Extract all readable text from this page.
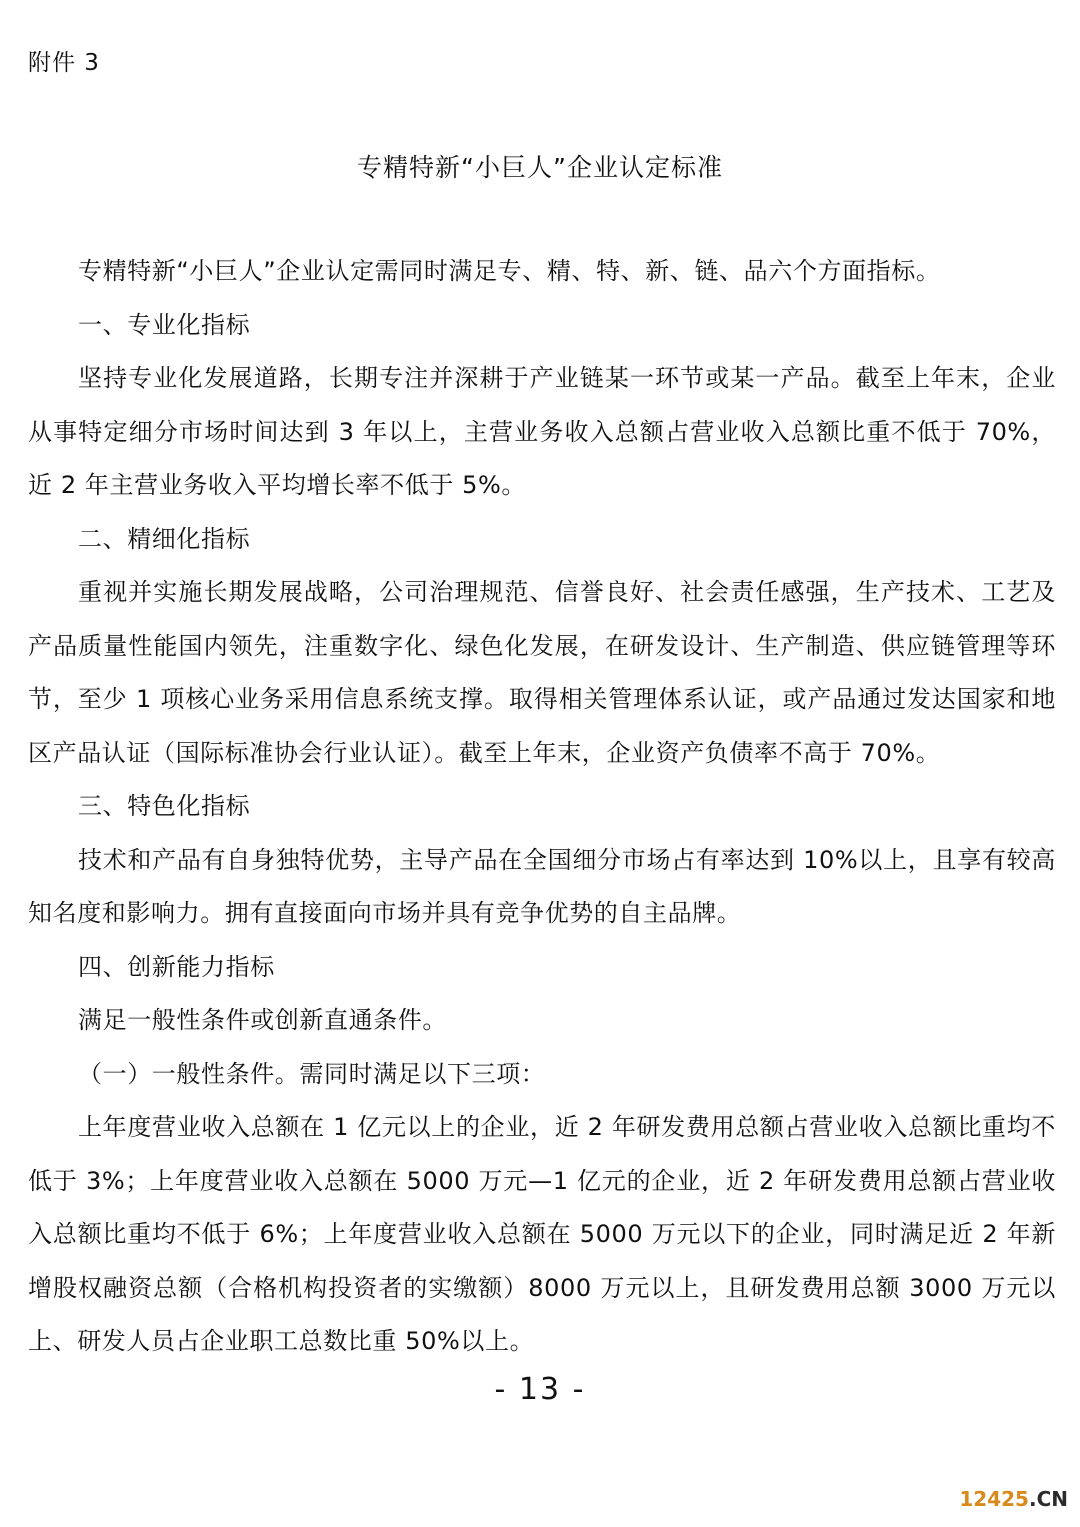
附件 3
专精特新“小巨人”企业认定标准

专精特新“小巨人”企业认定需同时满足专、精、特、新、链、品六个方面指标。

一、专业化指标

坚持专业化发展道路，长期专注并深耕于产业链某一环节或某一产品。截至上年末，企业从事特定细分市场时间达到 3 年以上，主营业务收入总额占营业收入总额比重不低于 70%，近 2 年主营业务收入平均增长率不低于 5%。

二、精细化指标

重视并实施长期发展战略，公司治理规范、信誉良好、社会责任感强，生产技术、工艺及产品质量性能国内领先，注重数字化、绿色化发展，在研发设计、生产制造、供应链管理等环节，至少 1 项核心业务采用信息系统支撑。取得相关管理体系认证，或产品通过发达国家和地区产品认证（国际标准协会行业认证）。截至上年末，企业资产负债率不高于 70%。

三、特色化指标

技术和产品有自身独特优势，主导产品在全国细分市场占有率达到 10%以上，且享有较高知名度和影响力。拥有直接面向市场并具有竞争优势的自主品牌。

四、创新能力指标

满足一般性条件或创新直通条件。

（一）一般性条件。需同时满足以下三项：

上年度营业收入总额在 1 亿元以上的企业，近 2 年研发费用总额占营业收入总额比重均不低于 3%；上年度营业收入总额在 5000 万元—1 亿元的企业，近 2 年研发费用总额占营业收入总额比重均不低于 6%；上年度营业收入总额在 5000 万元以下的企业，同时满足近 2 年新增股权融资总额（合格机构投资者的实缴额）8000 万元以上，且研发费用总额 3000 万元以上、研发人员占企业职工总数比重 50%以上。

- 13 -
12425.CN
